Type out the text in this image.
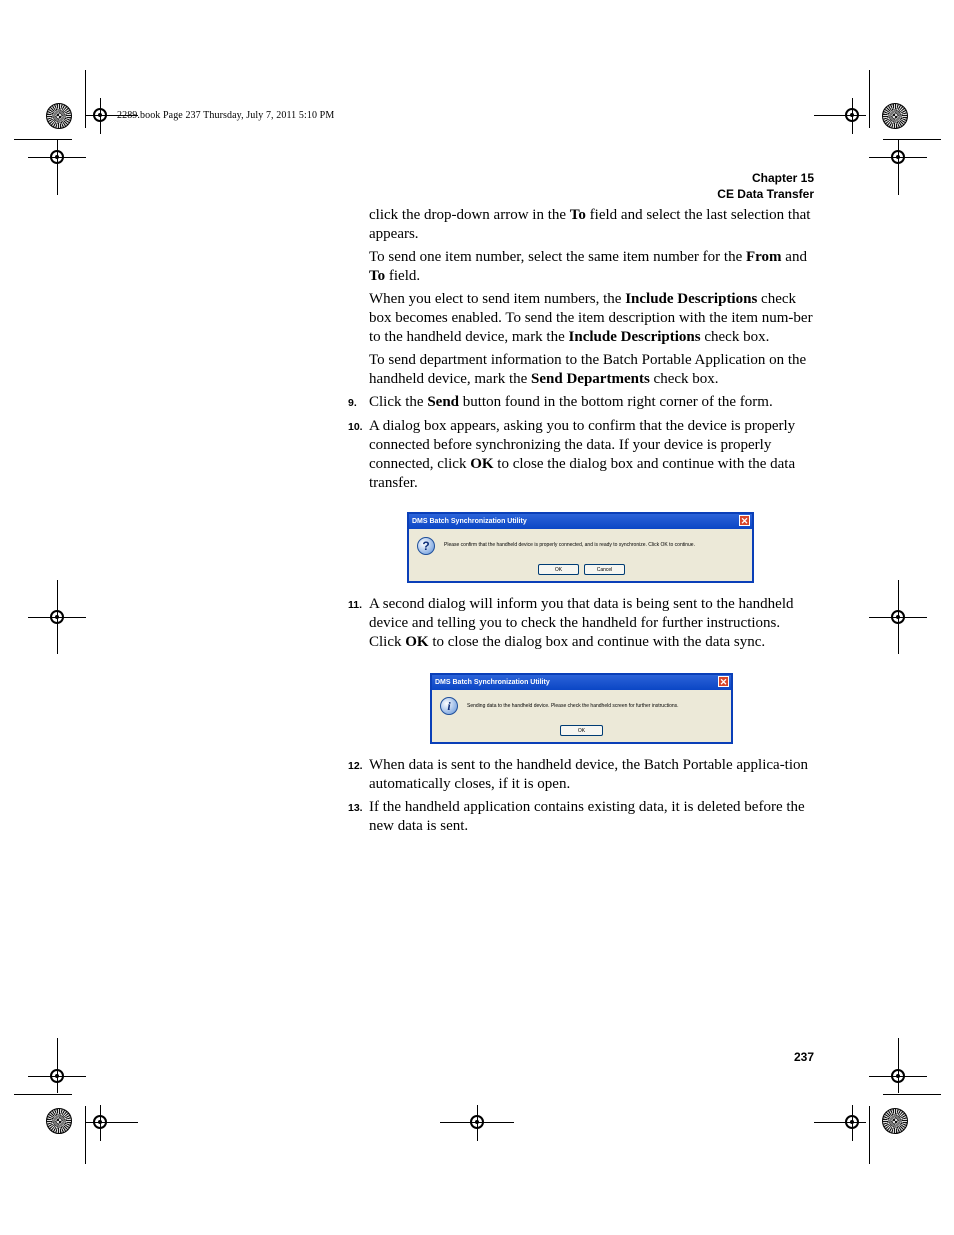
2289.book Page 237 Thursday, July 7, 2011 5:10 PM
Chapter 15
CE Data Transfer
click the drop-down arrow in the To field and select the last selection that appears.
To send one item number, select the same item number for the From and To field.
When you elect to send item numbers, the Include Descriptions check box becomes enabled. To send the item description with the item num-ber to the handheld device, mark the Include Descriptions check box.
To send department information to the Batch Portable Application on the handheld device, mark the Send Departments check box.
9. Click the Send button found in the bottom right corner of the form.
10. A dialog box appears, asking you to confirm that the device is properly connected before synchronizing the data. If your device is properly connected, click OK to close the dialog box and continue with the data transfer.
DMS Batch Synchronization Utility	✕
?	Please confirm that the handheld device is properly connected, and is ready to synchronize. Click OK to continue.
OK	Cancel
11. A second dialog will inform you that data is being sent to the handheld device and telling you to check the handheld for further instructions. Click OK to close the dialog box and continue with the data sync.
DMS Batch Synchronization Utility	✕
i	Sending data to the handheld device. Please check the handheld screen for further instructions.
OK
12. When data is sent to the handheld device, the Batch Portable applica-tion automatically closes, if it is open.
13. If the handheld application contains existing data, it is deleted before the new data is sent.
237
